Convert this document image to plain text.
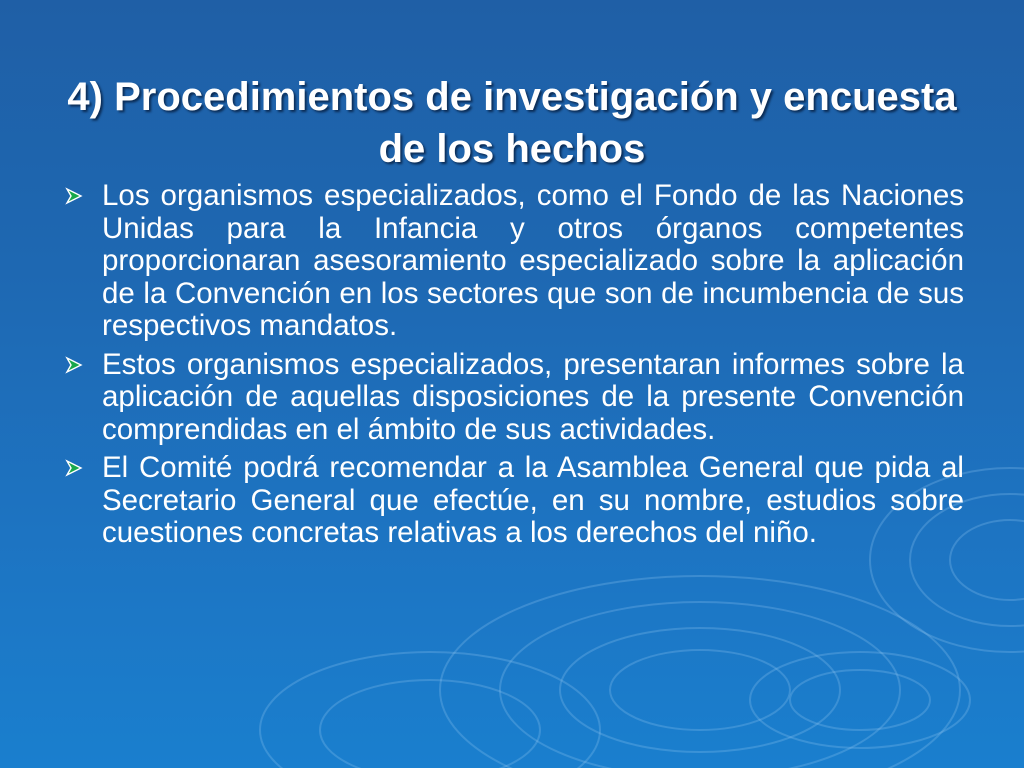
4) Procedimientos de investigación y encuesta de los hechos
Los organismos especializados, como el Fondo de las Naciones Unidas para la Infancia y otros órganos competentes proporcionaran asesoramiento especializado sobre la aplicación de la Convención en los sectores que son de incumbencia de sus respectivos mandatos.
Estos organismos especializados, presentaran informes sobre la aplicación de aquellas disposiciones de la presente Convención comprendidas en el ámbito de sus actividades.
El Comité podrá recomendar a la Asamblea General que pida al Secretario General que efectúe, en su nombre, estudios sobre cuestiones concretas relativas a los derechos del niño.
